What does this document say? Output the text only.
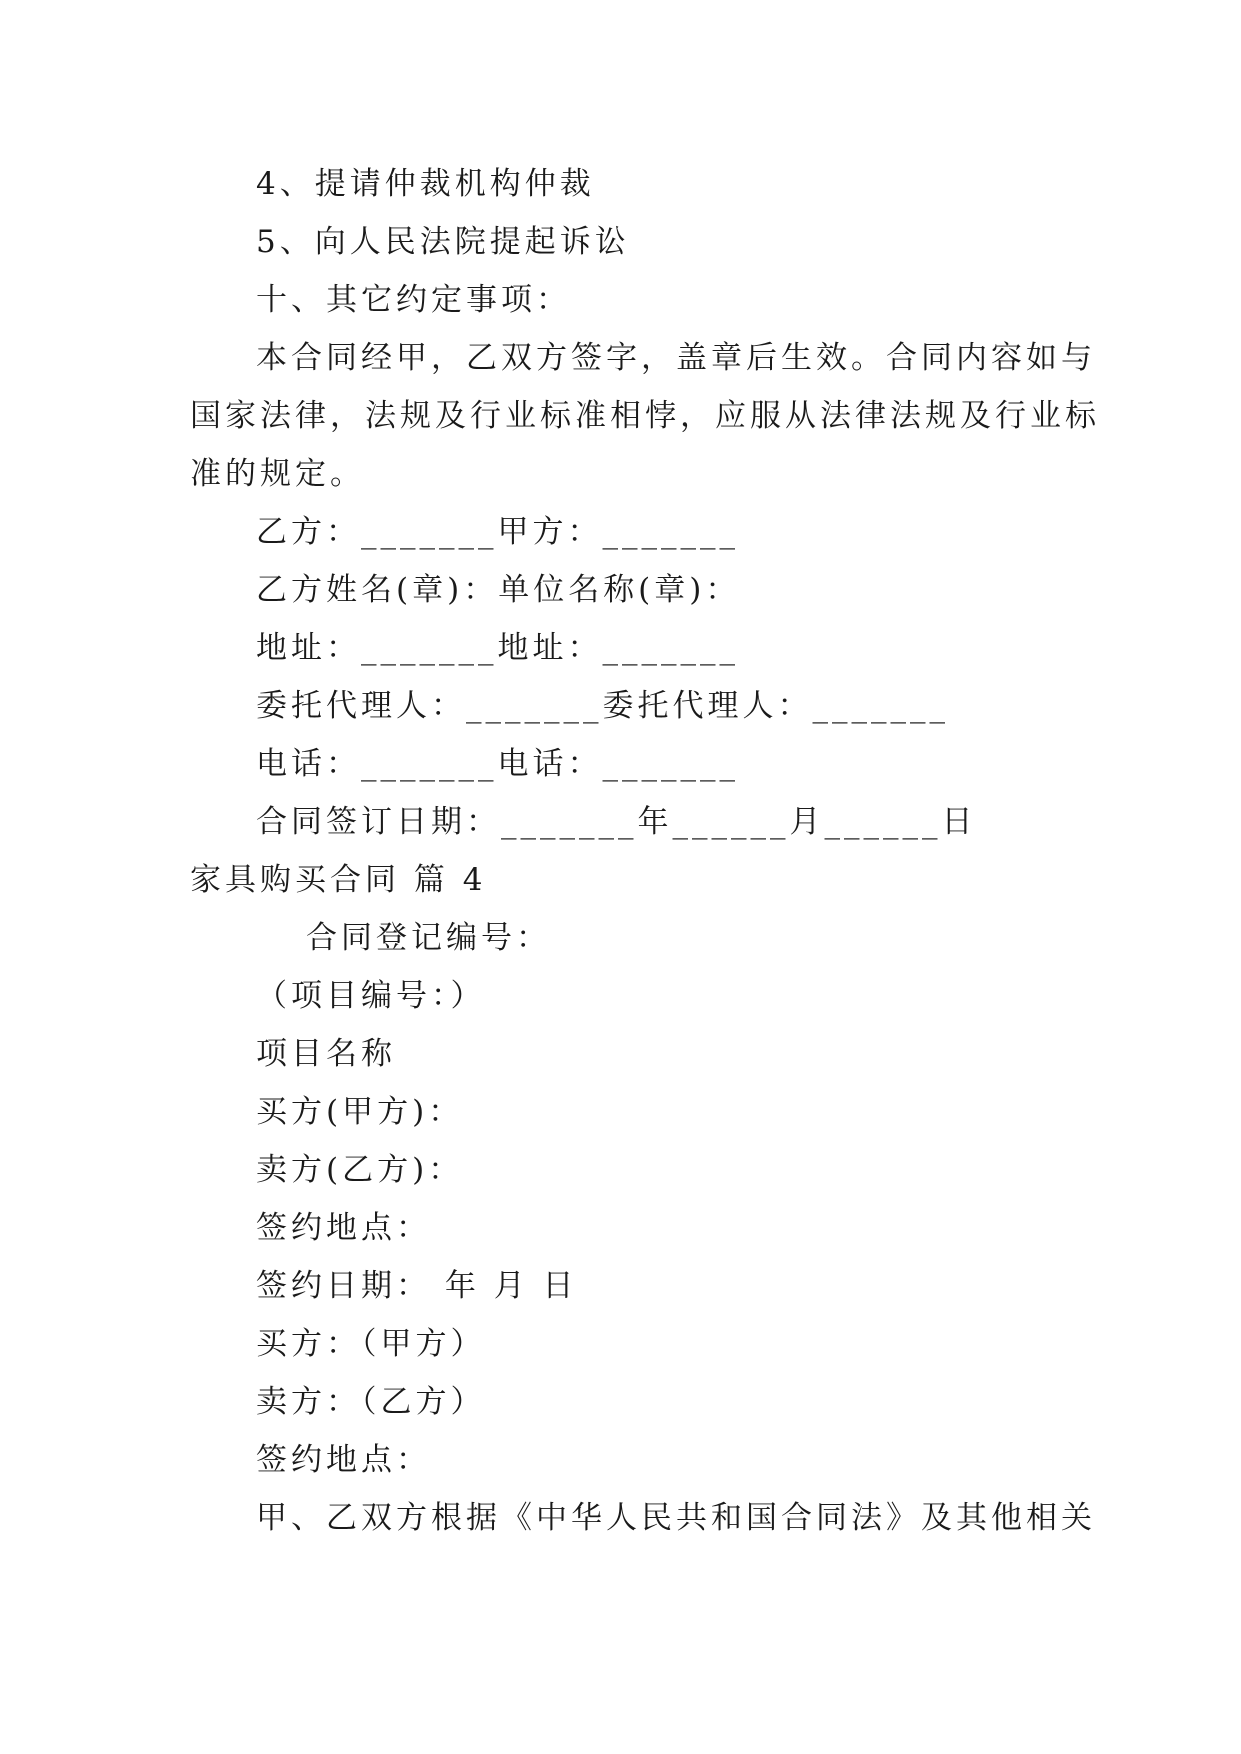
4、提请仲裁机构仲裁
5、向人民法院提起诉讼
十、其它约定事项：
本合同经甲，乙双方签字，盖章后生效。合同内容如与
国家法律，法规及行业标准相悖，应服从法律法规及行业标
准的规定。
乙方：_______甲方：_______
乙方姓名(章)：单位名称(章)：
地址：_______地址：_______
委托代理人：_______委托代理人：_______
电话：_______电话：_______
合同签订日期：_______年______月______日
家具购买合同 篇 4
合同登记编号：
（项目编号：）
项目名称
买方(甲方)：
卖方(乙方)：
签约地点：
签约日期： 年 月 日
买方：（甲方）
卖方：（乙方）
签约地点：
甲、乙双方根据《中华人民共和国合同法》及其他相关
